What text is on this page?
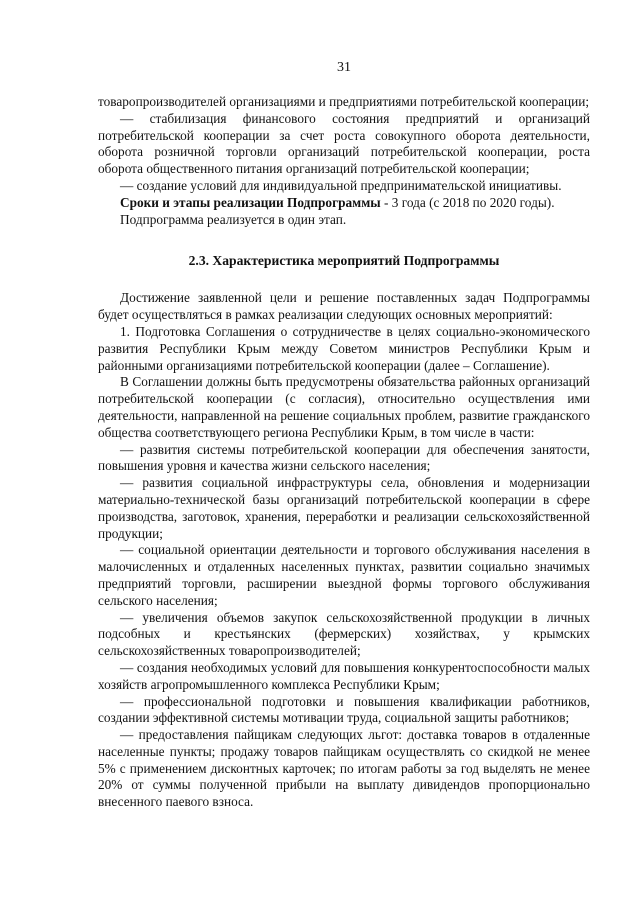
31

товаропроизводителей организациями и предприятиями потребительской кооперации;

— стабилизация финансового состояния предприятий и организаций потребительской кооперации за счет роста совокупного оборота деятельности, оборота розничной торговли организаций потребительской кооперации, роста оборота общественного питания организаций потребительской кооперации;

— создание условий для индивидуальной предпринимательской инициативы.

Сроки и этапы реализации Подпрограммы - 3 года (с 2018 по 2020 годы).

Подпрограмма реализуется в один этап.

2.3. Характеристика мероприятий Подпрограммы

Достижение заявленной цели и решение поставленных задач Подпрограммы будет осуществляться в рамках реализации следующих основных мероприятий:

1. Подготовка Соглашения о сотрудничестве в целях социально-экономического развития Республики Крым между Советом министров Республики Крым и районными организациями потребительской кооперации (далее – Соглашение).

В Соглашении должны быть предусмотрены обязательства районных организаций потребительской кооперации (с согласия), относительно осуществления ими деятельности, направленной на решение социальных проблем, развитие гражданского общества соответствующего региона Республики Крым, в том числе в части:

— развития системы потребительской кооперации для обеспечения занятости, повышения уровня и качества жизни сельского населения;

— развития социальной инфраструктуры села, обновления и модернизации материально-технической базы организаций потребительской кооперации в сфере производства, заготовок, хранения, переработки и реализации сельскохозяйственной продукции;

— социальной ориентации деятельности и торгового обслуживания населения в малочисленных и отдаленных населенных пунктах, развитии социально значимых предприятий торговли, расширении выездной формы торгового обслуживания сельского населения;

— увеличения объемов закупок сельскохозяйственной продукции в личных подсобных и крестьянских (фермерских) хозяйствах, у крымских сельскохозяйственных товаропроизводителей;

— создания необходимых условий для повышения конкурентоспособности малых хозяйств агропромышленного комплекса Республики Крым;

— профессиональной подготовки и повышения квалификации работников, создании эффективной системы мотивации труда, социальной защиты работников;

— предоставления пайщикам следующих льгот: доставка товаров в отдаленные населенные пункты; продажу товаров пайщикам осуществлять со скидкой не менее 5% с применением дисконтных карточек; по итогам работы за год выделять не менее 20% от суммы полученной прибыли на выплату дивидендов пропорционально внесенного паевого взноса.
